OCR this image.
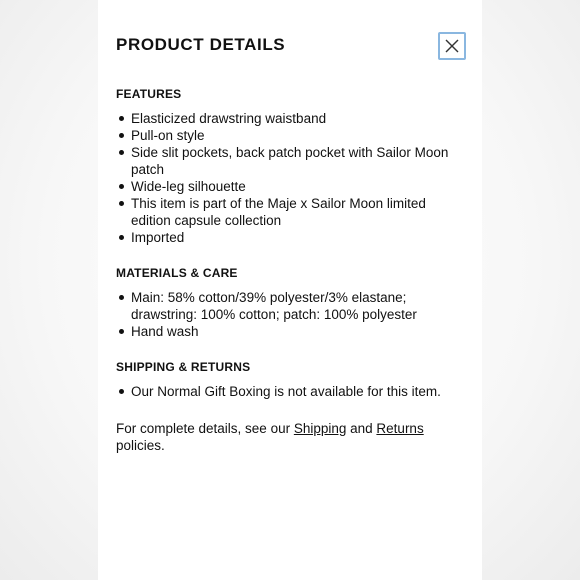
PRODUCT DETAILS
FEATURES
Elasticized drawstring waistband
Pull-on style
Side slit pockets, back patch pocket with Sailor Moon patch
Wide-leg silhouette
This item is part of the Maje x Sailor Moon limited edition capsule collection
Imported
MATERIALS & CARE
Main: 58% cotton/39% polyester/3% elastane; drawstring: 100% cotton; patch: 100% polyester
Hand wash
SHIPPING & RETURNS
Our Normal Gift Boxing is not available for this item.

For complete details, see our Shipping and Returns policies.
